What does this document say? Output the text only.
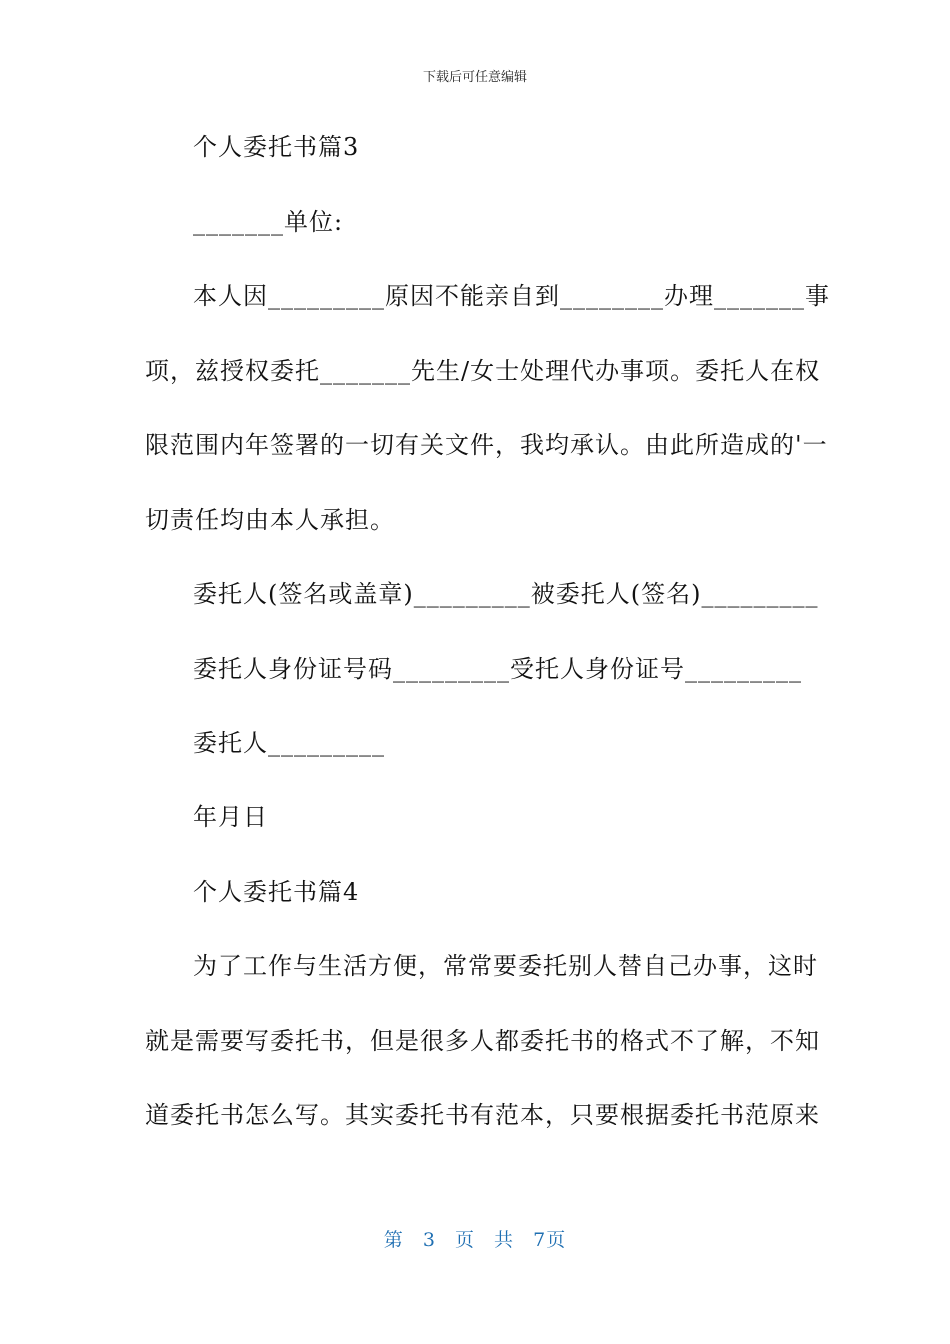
下载后可任意编辑
个人委托书篇3
_______单位:
本人因_________原因不能亲自到________办理_______事
项，兹授权委托_______先生/女士处理代办事项。委托人在权
限范围内年签署的一切有关文件，我均承认。由此所造成的'一
切责任均由本人承担。
委托人(签名或盖章)_________被委托人(签名)_________
委托人身份证号码_________受托人身份证号_________
委托人_________
年月日
个人委托书篇4
为了工作与生活方便，常常要委托别人替自己办事，这时
就是需要写委托书，但是很多人都委托书的格式不了解，不知
道委托书怎么写。其实委托书有范本，只要根据委托书范原来
第 3 页 共 7页
